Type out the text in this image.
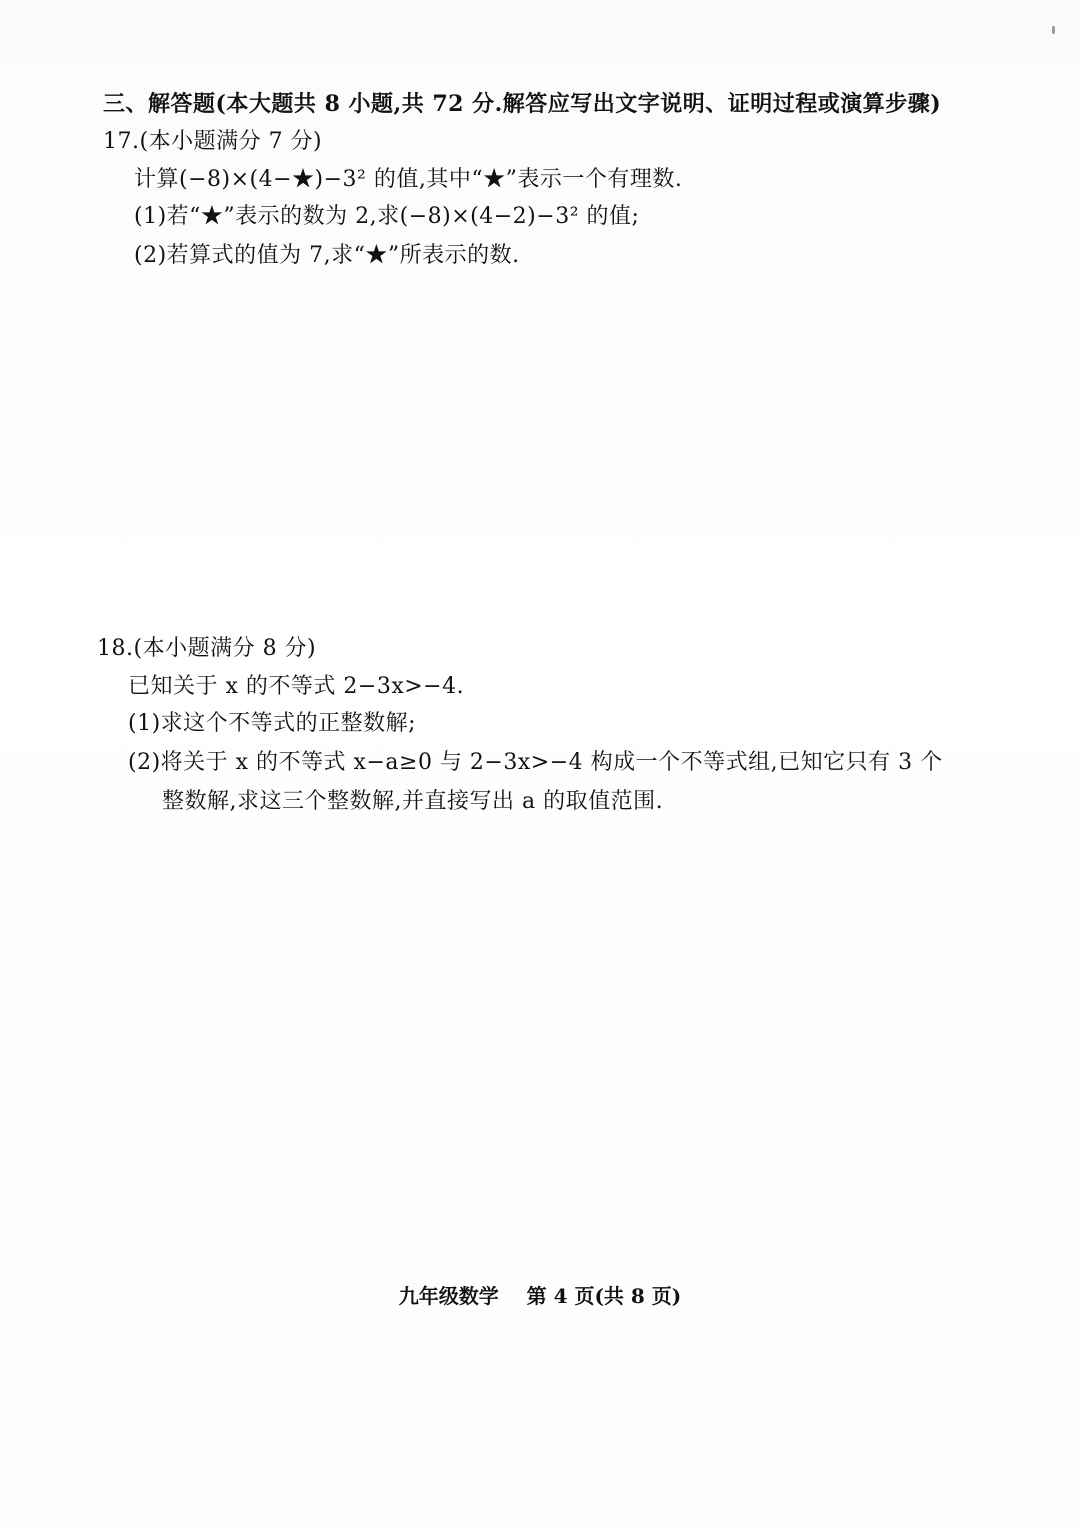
三、解答题(本大题共 8 小题,共 72 分.解答应写出文字说明、证明过程或演算步骤)
17.(本小题满分 7 分)
计算(−8)×(4−★)−3² 的值,其中“★”表示一个有理数.
(1)若“★”表示的数为 2,求(−8)×(4−2)−3² 的值;
(2)若算式的值为 7,求“★”所表示的数.
18.(本小题满分 8 分)
已知关于 x 的不等式 2−3x>−4.
(1)求这个不等式的正整数解;
(2)将关于 x 的不等式 x−a≥0 与 2−3x>−4 构成一个不等式组,已知它只有 3 个
整数解,求这三个整数解,并直接写出 a 的取值范围.
九年级数学    第 4 页(共 8 页)
